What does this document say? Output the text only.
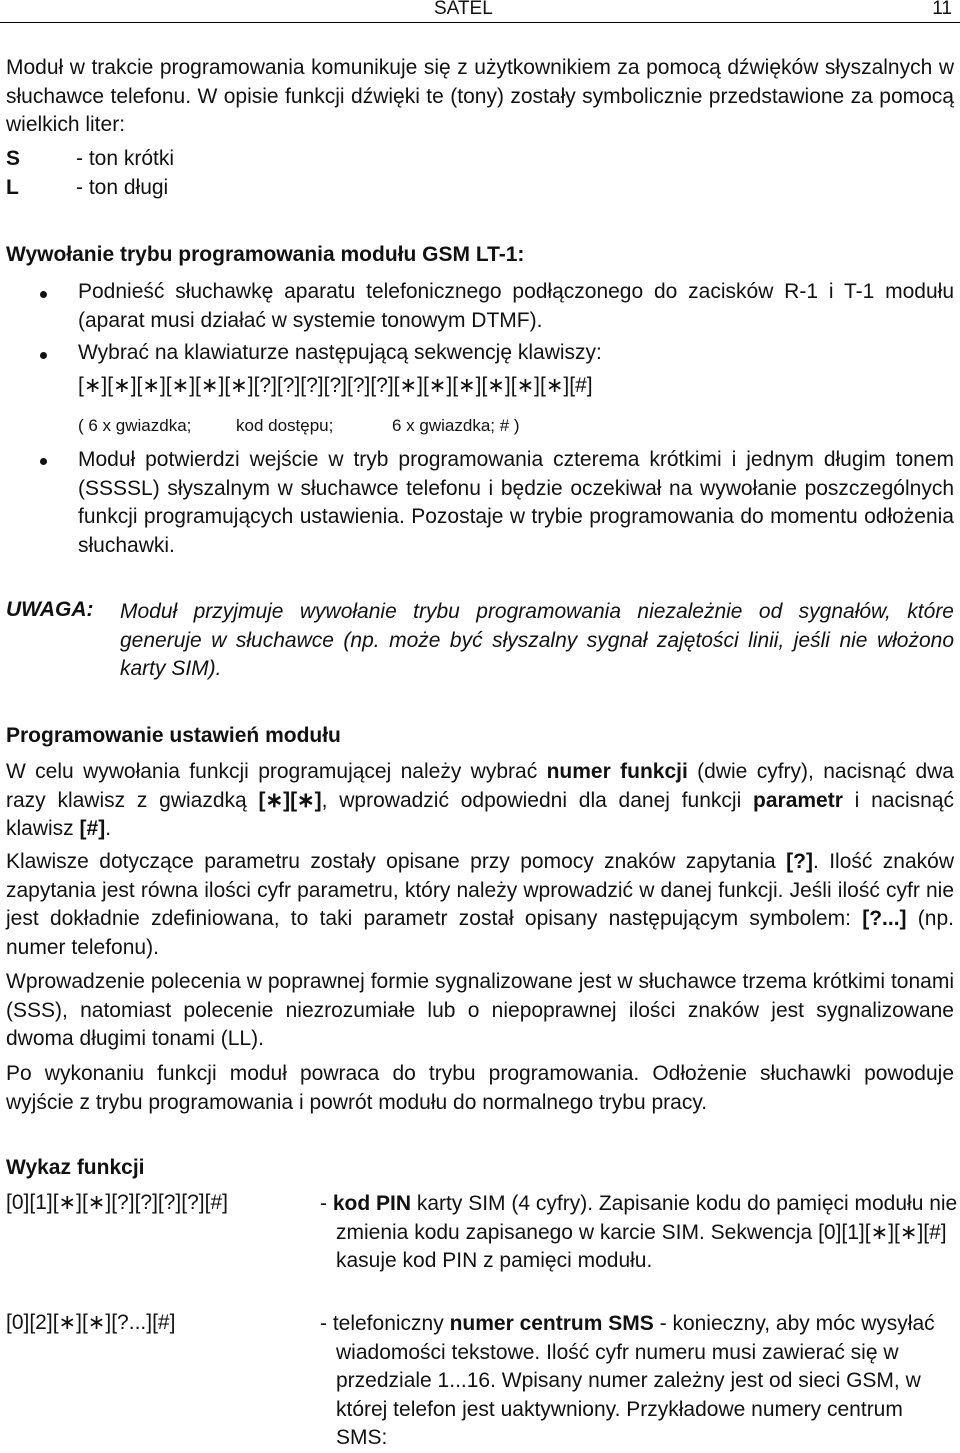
SATEL	11
Moduł w trakcie programowania komunikuje się z użytkownikiem za pomocą dźwięków słyszalnych w słuchawce telefonu. W opisie funkcji dźwięki te (tony) zostały symbolicznie przedstawione za pomocą wielkich liter:
S	- ton krótki
L	- ton długi
Wywołanie trybu programowania modułu GSM LT-1:
Podnieść słuchawkę aparatu telefonicznego podłączonego do zacisków R-1 i T-1 modułu (aparat musi działać w systemie tonowym DTMF).
Wybrać na klawiaturze następującą sekwencję klawiszy:
[∗][∗][∗][∗][∗][∗][?][?][?][?][?][?][∗][∗][∗][∗][∗][∗][#]
( 6 x gwiazdka;	kod dostępu;	6 x gwiazdka; # )
Moduł potwierdzi wejście w tryb programowania czterema krótkimi i jednym długim tonem (SSSSL) słyszalnym w słuchawce telefonu i będzie oczekiwał na wywołanie poszczególnych funkcji programujących ustawienia. Pozostaje w trybie programowania do momentu odłożenia słuchawki.
UWAGA: Moduł przyjmuje wywołanie trybu programowania niezależnie od sygnałów, które generuje w słuchawce (np. może być słyszalny sygnał zajętości linii, jeśli nie włożono karty SIM).
Programowanie ustawień modułu
W celu wywołania funkcji programującej należy wybrać numer funkcji (dwie cyfry), nacisnąć dwa razy klawisz z gwiazdką [∗][∗], wprowadzić odpowiedni dla danej funkcji parametr i nacisnąć klawisz [#].
Klawisze dotyczące parametru zostały opisane przy pomocy znaków zapytania [?]. Ilość znaków zapytania jest równa ilości cyfr parametru, który należy wprowadzić w danej funkcji. Jeśli ilość cyfr nie jest dokładnie zdefiniowana, to taki parametr został opisany następującym symbolem: [?...] (np. numer telefonu).
Wprowadzenie polecenia w poprawnej formie sygnalizowane jest w słuchawce trzema krótkimi tonami (SSS), natomiast polecenie niezrozumiałe lub o niepoprawnej ilości znaków jest sygnalizowane dwoma długimi tonami (LL).
Po wykonaniu funkcji moduł powraca do trybu programowania. Odłożenie słuchawki powoduje wyjście z trybu programowania i powrót modułu do normalnego trybu pracy.
Wykaz funkcji
[0][1][∗][∗][?][?][?][?][#]	- kod PIN karty SIM (4 cyfry). Zapisanie kodu do pamięci modułu nie zmienia kodu zapisanego w karcie SIM. Sekwencja [0][1][∗][∗][#] kasuje kod PIN z pamięci modułu.
[0][2][∗][∗][?...][#]	- telefoniczny numer centrum SMS - konieczny, aby móc wysyłać wiadomości tekstowe. Ilość cyfr numeru musi zawierać się w przedziale 1...16. Wpisany numer zależny jest od sieci GSM, w której telefon jest uaktywniony. Przykładowe numery centrum SMS:
